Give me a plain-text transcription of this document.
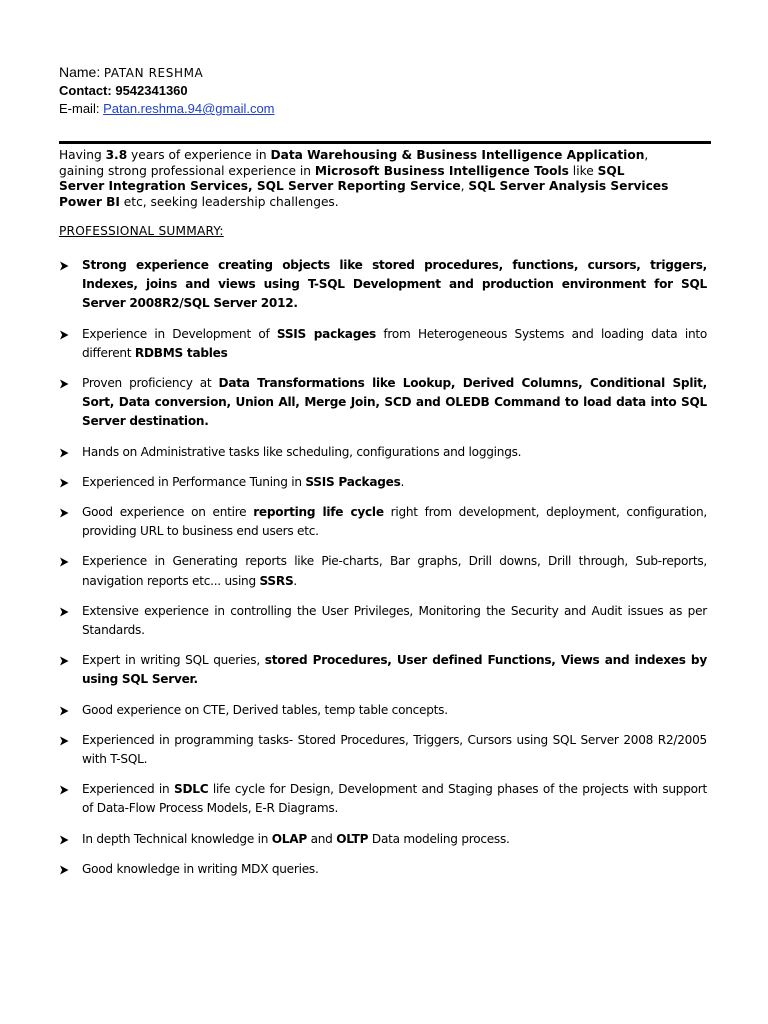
Name: PATAN RESHMA
Contact: 9542341360
E-mail: Patan.reshma.94@gmail.com
Having 3.8 years of experience in Data Warehousing & Business Intelligence Application,
gaining strong professional experience in Microsoft Business Intelligence Tools like SQL
Server Integration Services, SQL Server Reporting Service, SQL Server Analysis Services
Power BI etc, seeking leadership challenges.
PROFESSIONAL SUMMARY:
Strong experience creating objects like stored procedures, functions, cursors, triggers, Indexes, joins and views using T-SQL Development and production environment for SQL Server 2008R2/SQL Server 2012.
Experience in Development of SSIS packages from Heterogeneous Systems and loading data into different RDBMS tables
Proven proficiency at Data Transformations like Lookup, Derived Columns, Conditional Split, Sort, Data conversion, Union All, Merge Join, SCD and OLEDB Command to load data into SQL Server destination.
Hands on Administrative tasks like scheduling, configurations and loggings.
Experienced in Performance Tuning in SSIS Packages.
Good experience on entire reporting life cycle right from development, deployment, configuration, providing URL to business end users etc.
Experience in Generating reports like Pie-charts, Bar graphs, Drill downs, Drill through, Sub-reports, navigation reports etc... using SSRS.
Extensive experience in controlling the User Privileges, Monitoring the Security and Audit issues as per Standards.
Expert in writing SQL queries, stored Procedures, User defined Functions, Views and indexes by using SQL Server.
Good experience on CTE, Derived tables, temp table concepts.
Experienced in programming tasks- Stored Procedures, Triggers, Cursors using SQL Server 2008 R2/2005 with T-SQL.
Experienced in SDLC life cycle for Design, Development and Staging phases of the projects with support of Data-Flow Process Models, E-R Diagrams.
In depth Technical knowledge in OLAP and OLTP Data modeling process.
Good knowledge in writing MDX queries.
